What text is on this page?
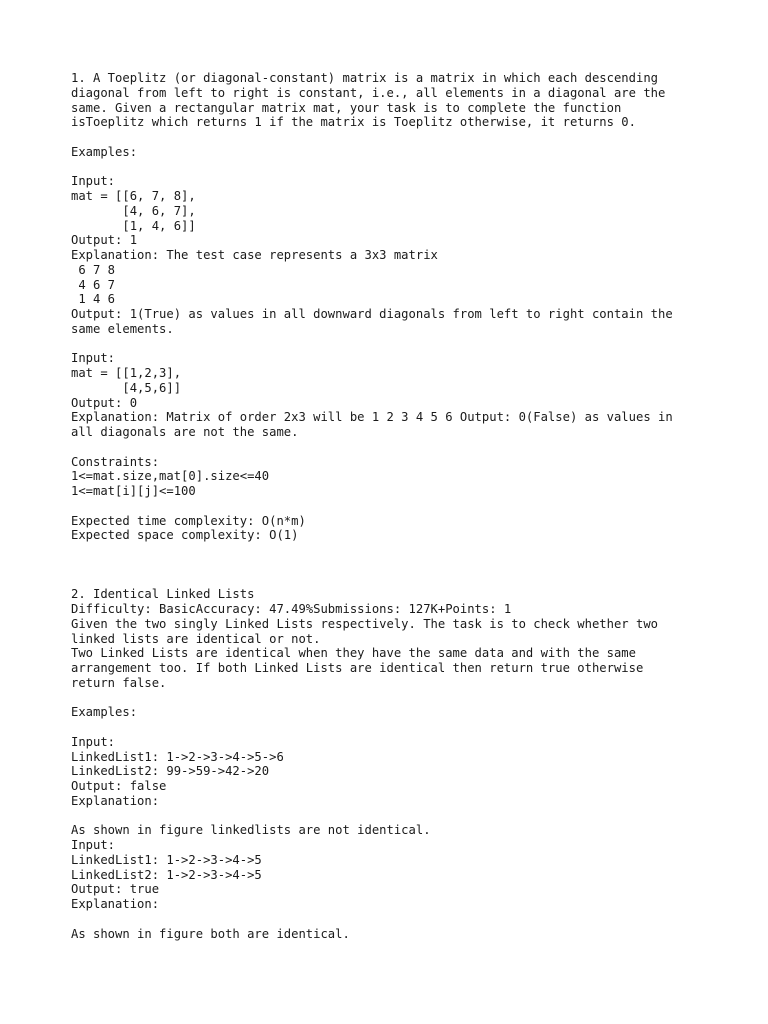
1. A Toeplitz (or diagonal-constant) matrix is a matrix in which each descending
diagonal from left to right is constant, i.e., all elements in a diagonal are the
same. Given a rectangular matrix mat, your task is to complete the function
isToeplitz which returns 1 if the matrix is Toeplitz otherwise, it returns 0.
Examples:
Input:
mat = [[6, 7, 8],
[4, 6, 7],
[1, 4, 6]]
Output: 1
Explanation: The test case represents a 3x3 matrix
6 7 8
4 6 7
1 4 6
Output: 1(True) as values in all downward diagonals from left to right contain the
same elements.
Input:
mat = [[1,2,3],
[4,5,6]]
Output: 0
Explanation: Matrix of order 2x3 will be 1 2 3 4 5 6 Output: 0(False) as values in
all diagonals are not the same.
Constraints:
1<=mat.size,mat[0].size<=40
1<=mat[i][j]<=100
Expected time complexity: O(n*m)
Expected space complexity: O(1)
2. Identical Linked Lists
Difficulty: BasicAccuracy: 47.49%Submissions: 127K+Points: 1
Given the two singly Linked Lists respectively. The task is to check whether two
linked lists are identical or not.
Two Linked Lists are identical when they have the same data and with the same
arrangement too. If both Linked Lists are identical then return true otherwise
return false.
Examples:
Input:
LinkedList1: 1->2->3->4->5->6
LinkedList2: 99->59->42->20
Output: false
Explanation:
As shown in figure linkedlists are not identical.
Input:
LinkedList1: 1->2->3->4->5
LinkedList2: 1->2->3->4->5
Output: true
Explanation:
As shown in figure both are identical.
